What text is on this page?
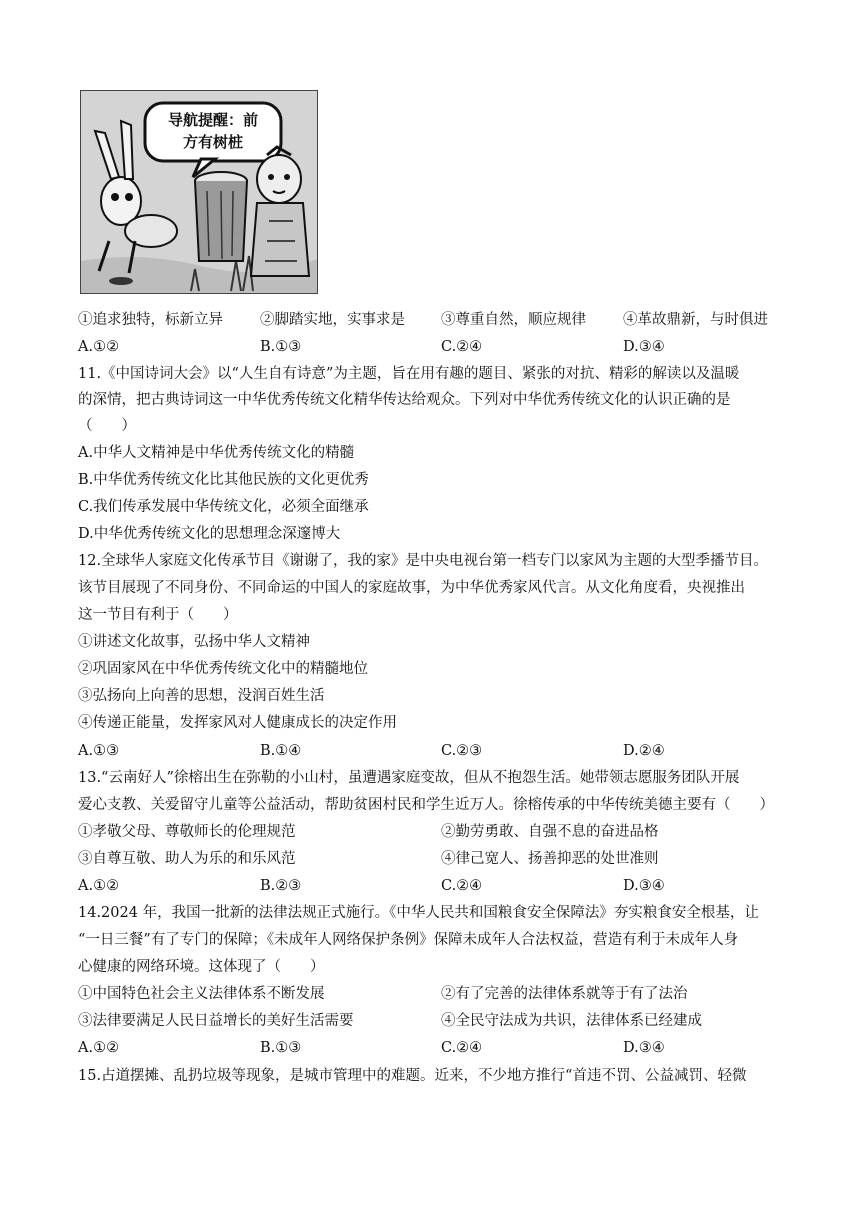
导航提醒：前
方有树桩
①追求独特，标新立异	②脚踏实地，实事求是 ③尊重自然，顺应规律	④革故鼎新，与时俱进
A.①②	B.①③	C.②④	D.③④
11.《中国诗词大会》以“人生自有诗意”为主题，旨在用有趣的题目、紧张的对抗、精彩的解读以及温暖
的深情，把古典诗词这一中华优秀传统文化精华传达给观众。下列对中华优秀传统文化的认识正确的是
（　　）
A.中华人文精神是中华优秀传统文化的精髓
B.中华优秀传统文化比其他民族的文化更优秀
C.我们传承发展中华传统文化，必须全面继承
D.中华优秀传统文化的思想理念深邃博大
12.全球华人家庭文化传承节目《谢谢了，我的家》是中央电视台第一档专门以家风为主题的大型季播节目。
该节目展现了不同身份、不同命运的中国人的家庭故事，为中华优秀家风代言。从文化角度看，央视推出
这一节目有利于（　　）
①讲述文化故事，弘扬中华人文精神
②巩固家风在中华优秀传统文化中的精髓地位
③弘扬向上向善的思想，没润百姓生活
④传递正能量，发挥家风对人健康成长的决定作用
A.①③	B.①④	C.②③	D.②④
13.“云南好人”徐榕出生在弥勒的小山村，虽遭遇家庭变故，但从不抱怨生活。她带领志愿服务团队开展
爱心支教、关爱留守儿童等公益活动，帮助贫困村民和学生近万人。徐榕传承的中华传统美德主要有（　　）
①孝敬父母、尊敬师长的伦理规范	②勤劳勇敢、自强不息的奋进品格
③自尊互敬、助人为乐的和乐风范	④律己宽人、扬善抑恶的处世准则
A.①②	B.②③	C.②④	D.③④
14.2024 年，我国一批新的法律法规正式施行。《中华人民共和国粮食安全保障法》夯实粮食安全根基，让
“一日三餐”有了专门的保障；《未成年人网络保护条例》保障未成年人合法权益，营造有利于未成年人身
心健康的网络环境。这体现了（　　）
①中国特色社会主义法律体系不断发展	②有了完善的法律体系就等于有了法治
③法律要满足人民日益增长的美好生活需要	④全民守法成为共识，法律体系已经建成
A.①②	B.①③	C.②④	D.③④
15.占道摆摊、乱扔垃圾等现象，是城市管理中的难题。近来，不少地方推行“首违不罚、公益减罚、轻微
